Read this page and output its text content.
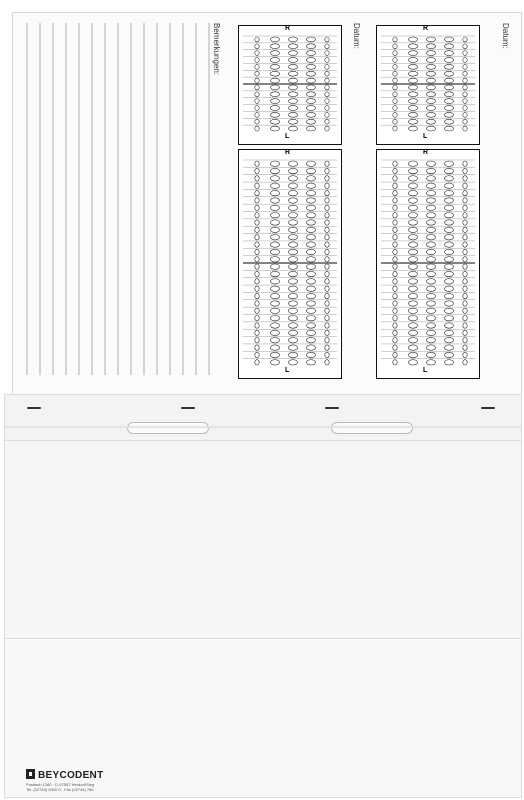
Bemerkungen:	Datum:	Datum:
R
L
R
L
R
L
R
L
BEYCODENT
Postfach 1280 · D-57557 Herdorf/Sieg
Tel. (02744) 9300-0 · Fax (02744) 766
